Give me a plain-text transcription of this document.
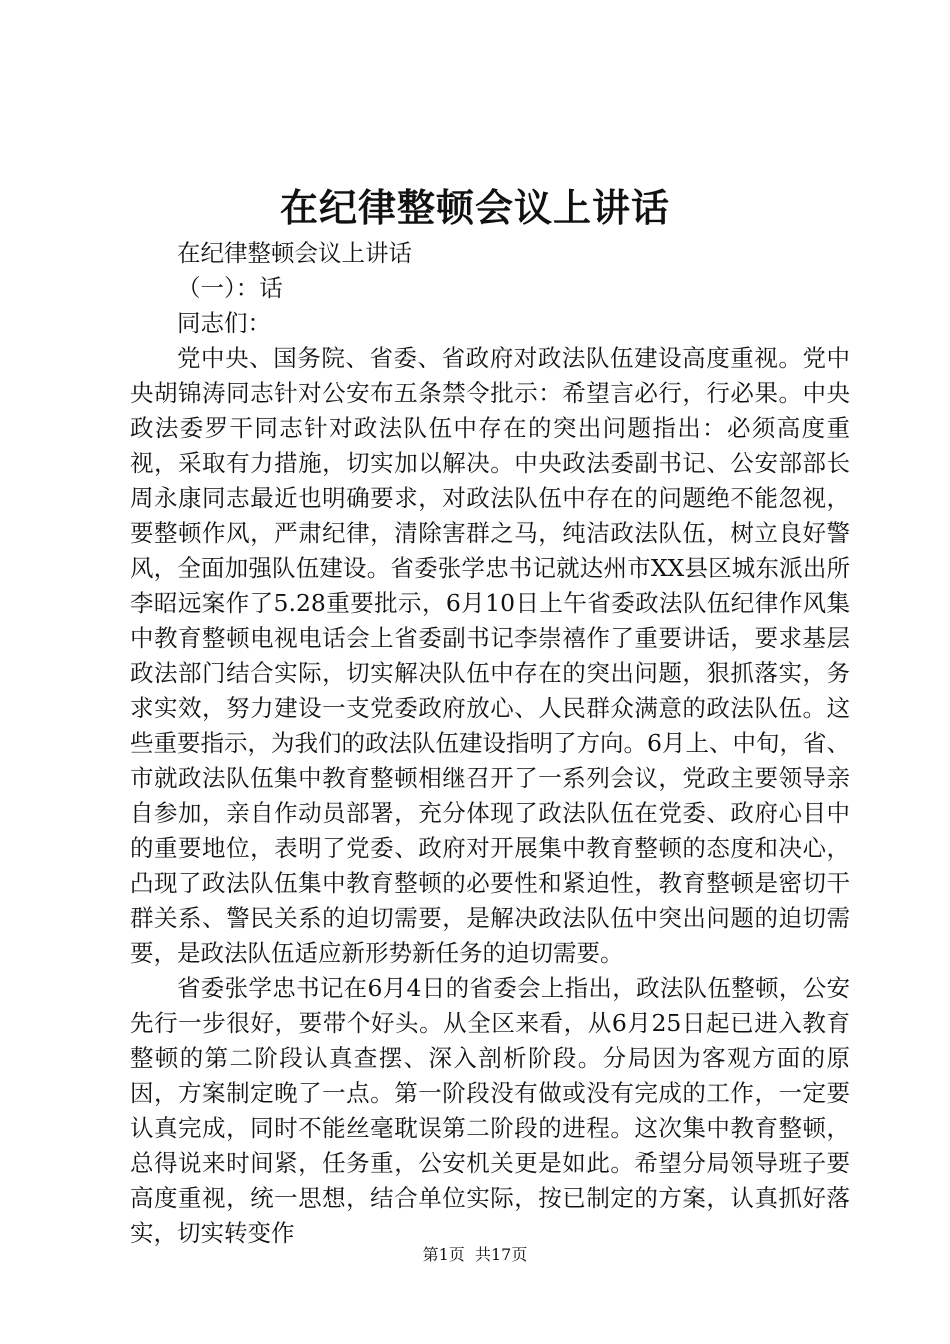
在纪律整顿会议上讲话

在纪律整顿会议上讲话

（一）：话

同志们：

党中央、国务院、省委、省政府对政法队伍建设高度重视。党中央胡锦涛同志针对公安布五条禁令批示：希望言必行，行必果。中央政法委罗干同志针对政法队伍中存在的突出问题指出：必须高度重视，采取有力措施，切实加以解决。中央政法委副书记、公安部部长周永康同志最近也明确要求，对政法队伍中存在的问题绝不能忽视，要整顿作风，严肃纪律，清除害群之马，纯洁政法队伍，树立良好警风，全面加强队伍建设。省委张学忠书记就达州市XX县区城东派出所李昭远案作了5.28重要批示，6月10日上午省委政法队伍纪律作风集中教育整顿电视电话会上省委副书记李崇禧作了重要讲话，要求基层政法部门结合实际，切实解决队伍中存在的突出问题，狠抓落实，务求实效，努力建设一支党委政府放心、人民群众满意的政法队伍。这些重要指示，为我们的政法队伍建设指明了方向。6月上、中旬，省、市就政法队伍集中教育整顿相继召开了一系列会议，党政主要领导亲自参加，亲自作动员部署，充分体现了政法队伍在党委、政府心目中的重要地位，表明了党委、政府对开展集中教育整顿的态度和决心，凸现了政法队伍集中教育整顿的必要性和紧迫性，教育整顿是密切干群关系、警民关系的迫切需要，是解决政法队伍中突出问题的迫切需要，是政法队伍适应新形势新任务的迫切需要。

省委张学忠书记在6月4日的省委会上指出，政法队伍整顿，公安先行一步很好，要带个好头。从全区来看，从6月25日起已进入教育整顿的第二阶段认真查摆、深入剖析阶段。分局因为客观方面的原因，方案制定晚了一点。第一阶段没有做或没有完成的工作，一定要认真完成，同时不能丝毫耽误第二阶段的进程。这次集中教育整顿，总得说来时间紧，任务重，公安机关更是如此。希望分局领导班子要高度重视，统一思想，结合单位实际，按已制定的方案，认真抓好落实，切实转变作

第1页 共17页
